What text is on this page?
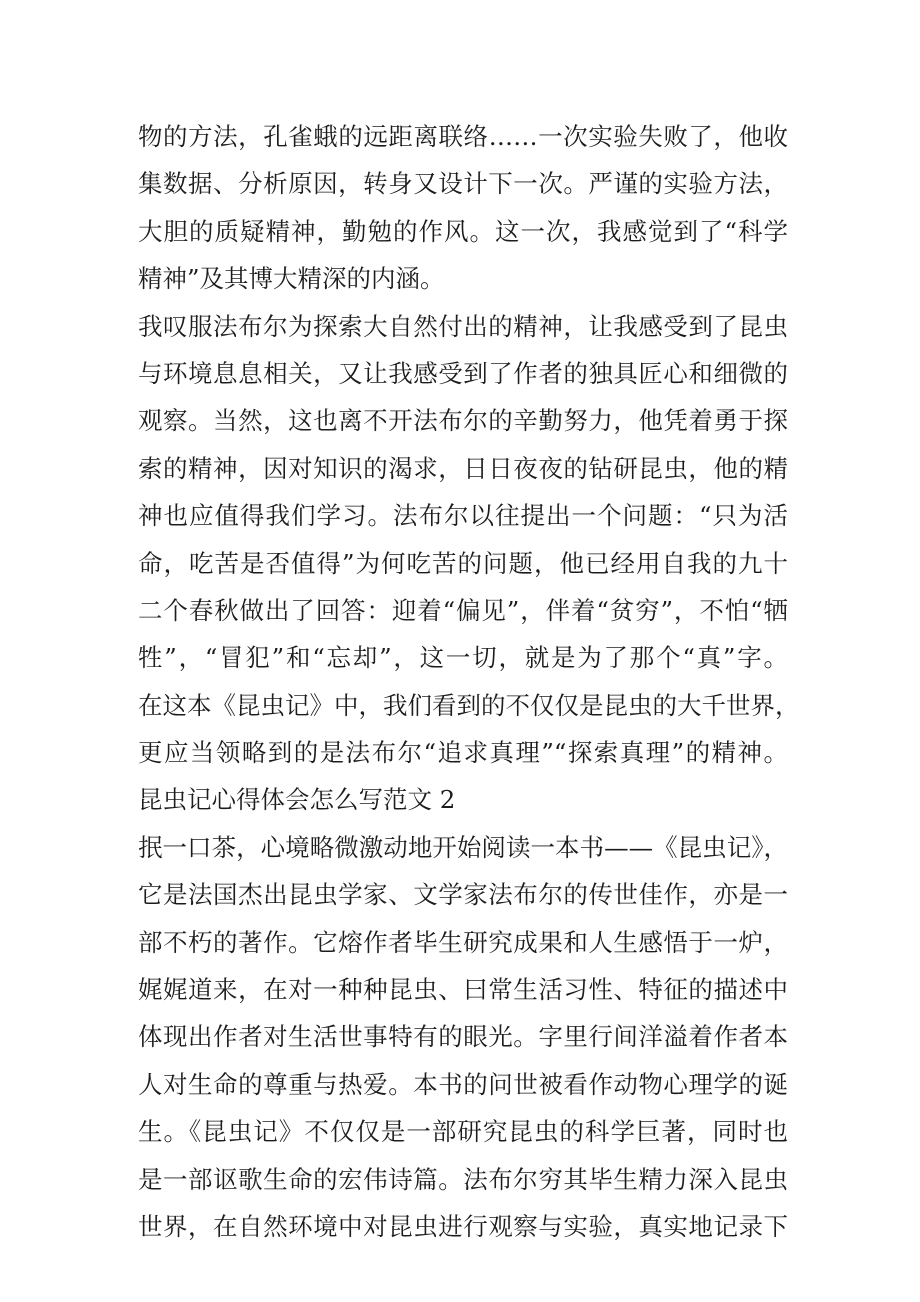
物的方法，孔雀蛾的远距离联络……一次实验失败了，他收
集数据、分析原因，转身又设计下一次。严谨的实验方法，
大胆的质疑精神，勤勉的作风。这一次，我感觉到了“科学
精神”及其博大精深的内涵。
我叹服法布尔为探索大自然付出的精神，让我感受到了昆虫
与环境息息相关，又让我感受到了作者的独具匠心和细微的
观察。当然，这也离不开法布尔的辛勤努力，他凭着勇于探
索的精神，因对知识的渴求，日日夜夜的钻研昆虫，他的精
神也应值得我们学习。法布尔以往提出一个问题：“只为活
命，吃苦是否值得”为何吃苦的问题，他已经用自我的九十
二个春秋做出了回答：迎着“偏见”，伴着“贫穷”，不怕“牺
牲”，“冒犯”和“忘却”，这一切，就是为了那个“真”字。
在这本《昆虫记》中，我们看到的不仅仅是昆虫的大千世界，
更应当领略到的是法布尔“追求真理”“探索真理”的精神。
昆虫记心得体会怎么写范文 2
抿一口茶，心境略微激动地开始阅读一本书——《昆虫记》，
它是法国杰出昆虫学家、文学家法布尔的传世佳作，亦是一
部不朽的著作。它熔作者毕生研究成果和人生感悟于一炉，
娓娓道来，在对一种种昆虫、曰常生活习性、特征的描述中
体现出作者对生活世事特有的眼光。字里行间洋溢着作者本
人对生命的尊重与热爱。本书的问世被看作动物心理学的诞
生。《昆虫记》不仅仅是一部研究昆虫的科学巨著，同时也
是一部讴歌生命的宏伟诗篇。法布尔穷其毕生精力深入昆虫
世界，在自然环境中对昆虫进行观察与实验，真实地记录下
